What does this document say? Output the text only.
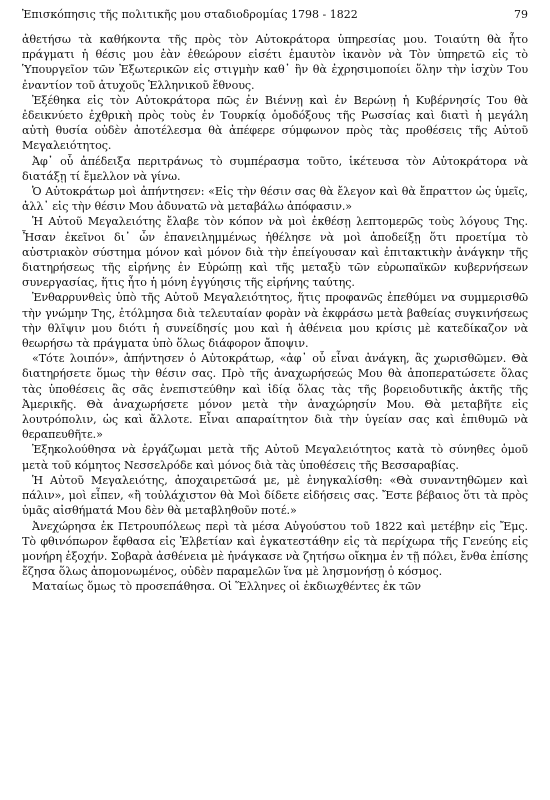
Ἐπισκόπησις τῆς πολιτικῆς μου σταδιοδρομίας 1798 - 1822	79

ἀθετήσω τὰ καθήκοντα τῆς πρὸς τὸν Αὐτοκράτορα ὑπηρεσίας μου. Τοιαύτη θὰ ἦτο πράγματι ἡ θέσις μου ἐὰν ἐθεώρουν εἰσέτι ἑμαυτὸν ἱκανὸν νὰ Τὸν ὑπηρετῶ εἰς τὸ Ὑπουργεῖον τῶν Ἐξωτερικῶν εἰς στιγμὴν καθ᾽ ἣν θὰ ἐχρησιμοποίει ὅλην τὴν ἰσχὺν Του ἐναντίον τοῦ ἀτυχοῦς Ἑλληνικοῦ ἔθνους.

Ἐξέθηκα εἰς τὸν Αὐτοκράτορα πῶς ἐν Βιέννῃ καὶ ἐν Βερώνῃ ἡ Κυβέρνησίς Του θὰ ἐδεικνύετο ἐχθρικὴ πρὸς τοὺς ἐν Τουρκίᾳ ὁμοδόξους τῆς Ρωσσίας καὶ διατὶ ἡ μεγάλη αὐτὴ θυσία οὐδὲν ἀποτέλεσμα θὰ ἀπέφερε σύμφωνον πρὸς τὰς προθέσεις τῆς Αὐτοῦ Μεγαλειότητος.

Ἀφ᾽ οὗ ἀπέδειξα περιτράνως τὸ συμπέρασμα τοῦτο, ἱκέτευσα τὸν Αὐτοκράτορα νὰ διατάξῃ τί ἔμελλον νὰ γίνω.

Ὁ Αὐτοκράτωρ μοὶ ἀπήντησεν: «Εἰς τὴν θέσιν σας θὰ ἔλεγον καὶ θὰ ἔπραττον ὡς ὑμεῖς, ἀλλ᾽ εἰς τὴν θέσιν Μου ἀδυνατῶ νὰ μεταβάλω ἀπόφασιν.»

Ἡ Αὐτοῦ Μεγαλειότης ἔλαβε τὸν κόπον νὰ μοὶ ἐκθέσῃ λεπτομερῶς τοὺς λόγους Της. Ἦσαν ἐκεῖνοι δι᾽ ὧν ἐπανειλημμένως ἠθέλησε νὰ μοὶ ἀποδείξῃ ὅτι προετίμα τὸ αὐστριακὸν σύστημα μόνον καὶ μόνον διὰ τὴν ἐπείγουσαν καὶ ἐπιτακτικὴν ἀνάγκην τῆς διατηρήσεως τῆς εἰρήνης ἐν Εὐρώπῃ καὶ τῆς μεταξὺ τῶν εὐρωπαϊκῶν κυβερνήσεων συνεργασίας, ἥτις ἦτο ἡ μόνη ἐγγύησις τῆς εἰρήνης ταύτης.

Ἐνθαρρυνθεὶς ὑπὸ τῆς Αὐτοῦ Μεγαλειότητος, ἥτις προφανῶς ἐπεθύμει να συμμερισθῶ τὴν γνώμην Της, ἐτόλμησα διὰ τελευταίαν φορὰν νὰ ἐκφράσω μετὰ βαθείας συγκινήσεως τὴν θλῖψιν μου διότι ἡ συνείδησίς μου καὶ ἡ ἀθένεια μου κρίσις μὲ κατεδίκαζον νὰ θεωρήσω τὰ πράγματα ὑπὸ ὅλως διάφορον ἄποψιν.

«Τότε λοιπόν», ἀπήντησεν ὁ Αὐτοκράτωρ, «ἀφ᾽ οὗ εἶναι ἀνάγκη, ἂς χωρισθῶμεν. Θὰ διατηρήσετε ὅμως τὴν θέσιν σας. Πρὸ τῆς ἀναχωρήσεώς Μου θὰ ἀποπερατώσετε ὅλας τὰς ὑποθέσεις ἃς σᾶς ἐνεπιστεύθην καὶ ἰδίᾳ ὅλας τὰς τῆς βορειοδυτικῆς ἀκτῆς τῆς Ἀμερικῆς. Θὰ ἀναχωρήσετε μόνον μετὰ τὴν ἀναχώρησίν Μου. Θὰ μεταβῆτε εἰς λουτρόπολιν, ὡς καὶ ἄλλοτε. Εἶναι απαραίτητον διὰ τὴν ὑγείαν σας καὶ ἐπιθυμῶ νὰ θεραπευθῆτε.»

Ἐξηκολούθησα νὰ ἐργάζωμαι μετὰ τῆς Αὐτοῦ Μεγαλειότητος κατὰ τὸ σύνηθες ὁμοῦ μετὰ τοῦ κόμητος Νεσσελρόδε καὶ μόνος διὰ τὰς ὑποθέσεις τῆς Βεσσαραβίας.

Ἡ Αὐτοῦ Μεγαλειότης, ἀποχαιρετῶσά με, μὲ ἐνηγκαλίσθη: «Θὰ συναντηθῶμεν καὶ πάλιν», μοὶ εἶπεν, «ἢ τοὐλάχιστον θὰ Μοὶ δίδετε εἰδήσεις σας. Ἔστε βέβαιος ὅτι τὰ πρὸς ὑμᾶς αἰσθήματά Μου δὲν θὰ μεταβληθοῦν ποτέ.»

Ἀνεχώρησα ἐκ Πετρουπόλεως περὶ τὰ μέσα Αὐγούστου τοῦ 1822 καὶ μετέβην εἰς Ἔμς. Τὸ φθινόπωρον ἔφθασα εἰς Ἑλβετίαν καὶ ἐγκατεστάθην εἰς τὰ περίχωρα τῆς Γενεύης εἰς μονήρη ἐξοχήν. Σοβαρὰ ἀσθένεια μὲ ἠνάγκασε νὰ ζητήσω οἴκημα ἐν τῇ πόλει, ἔνθα ἐπίσης ἔζησα ὅλως ἀπομονωμένος, οὐδὲν παραμελῶν ἵνα μὲ λησμονήσῃ ὁ κόσμος.

Ματαίως ὅμως τὸ προσεπάθησα. Οἱ Ἕλληνες οἱ ἐκδιωχθέντες ἐκ τῶν
